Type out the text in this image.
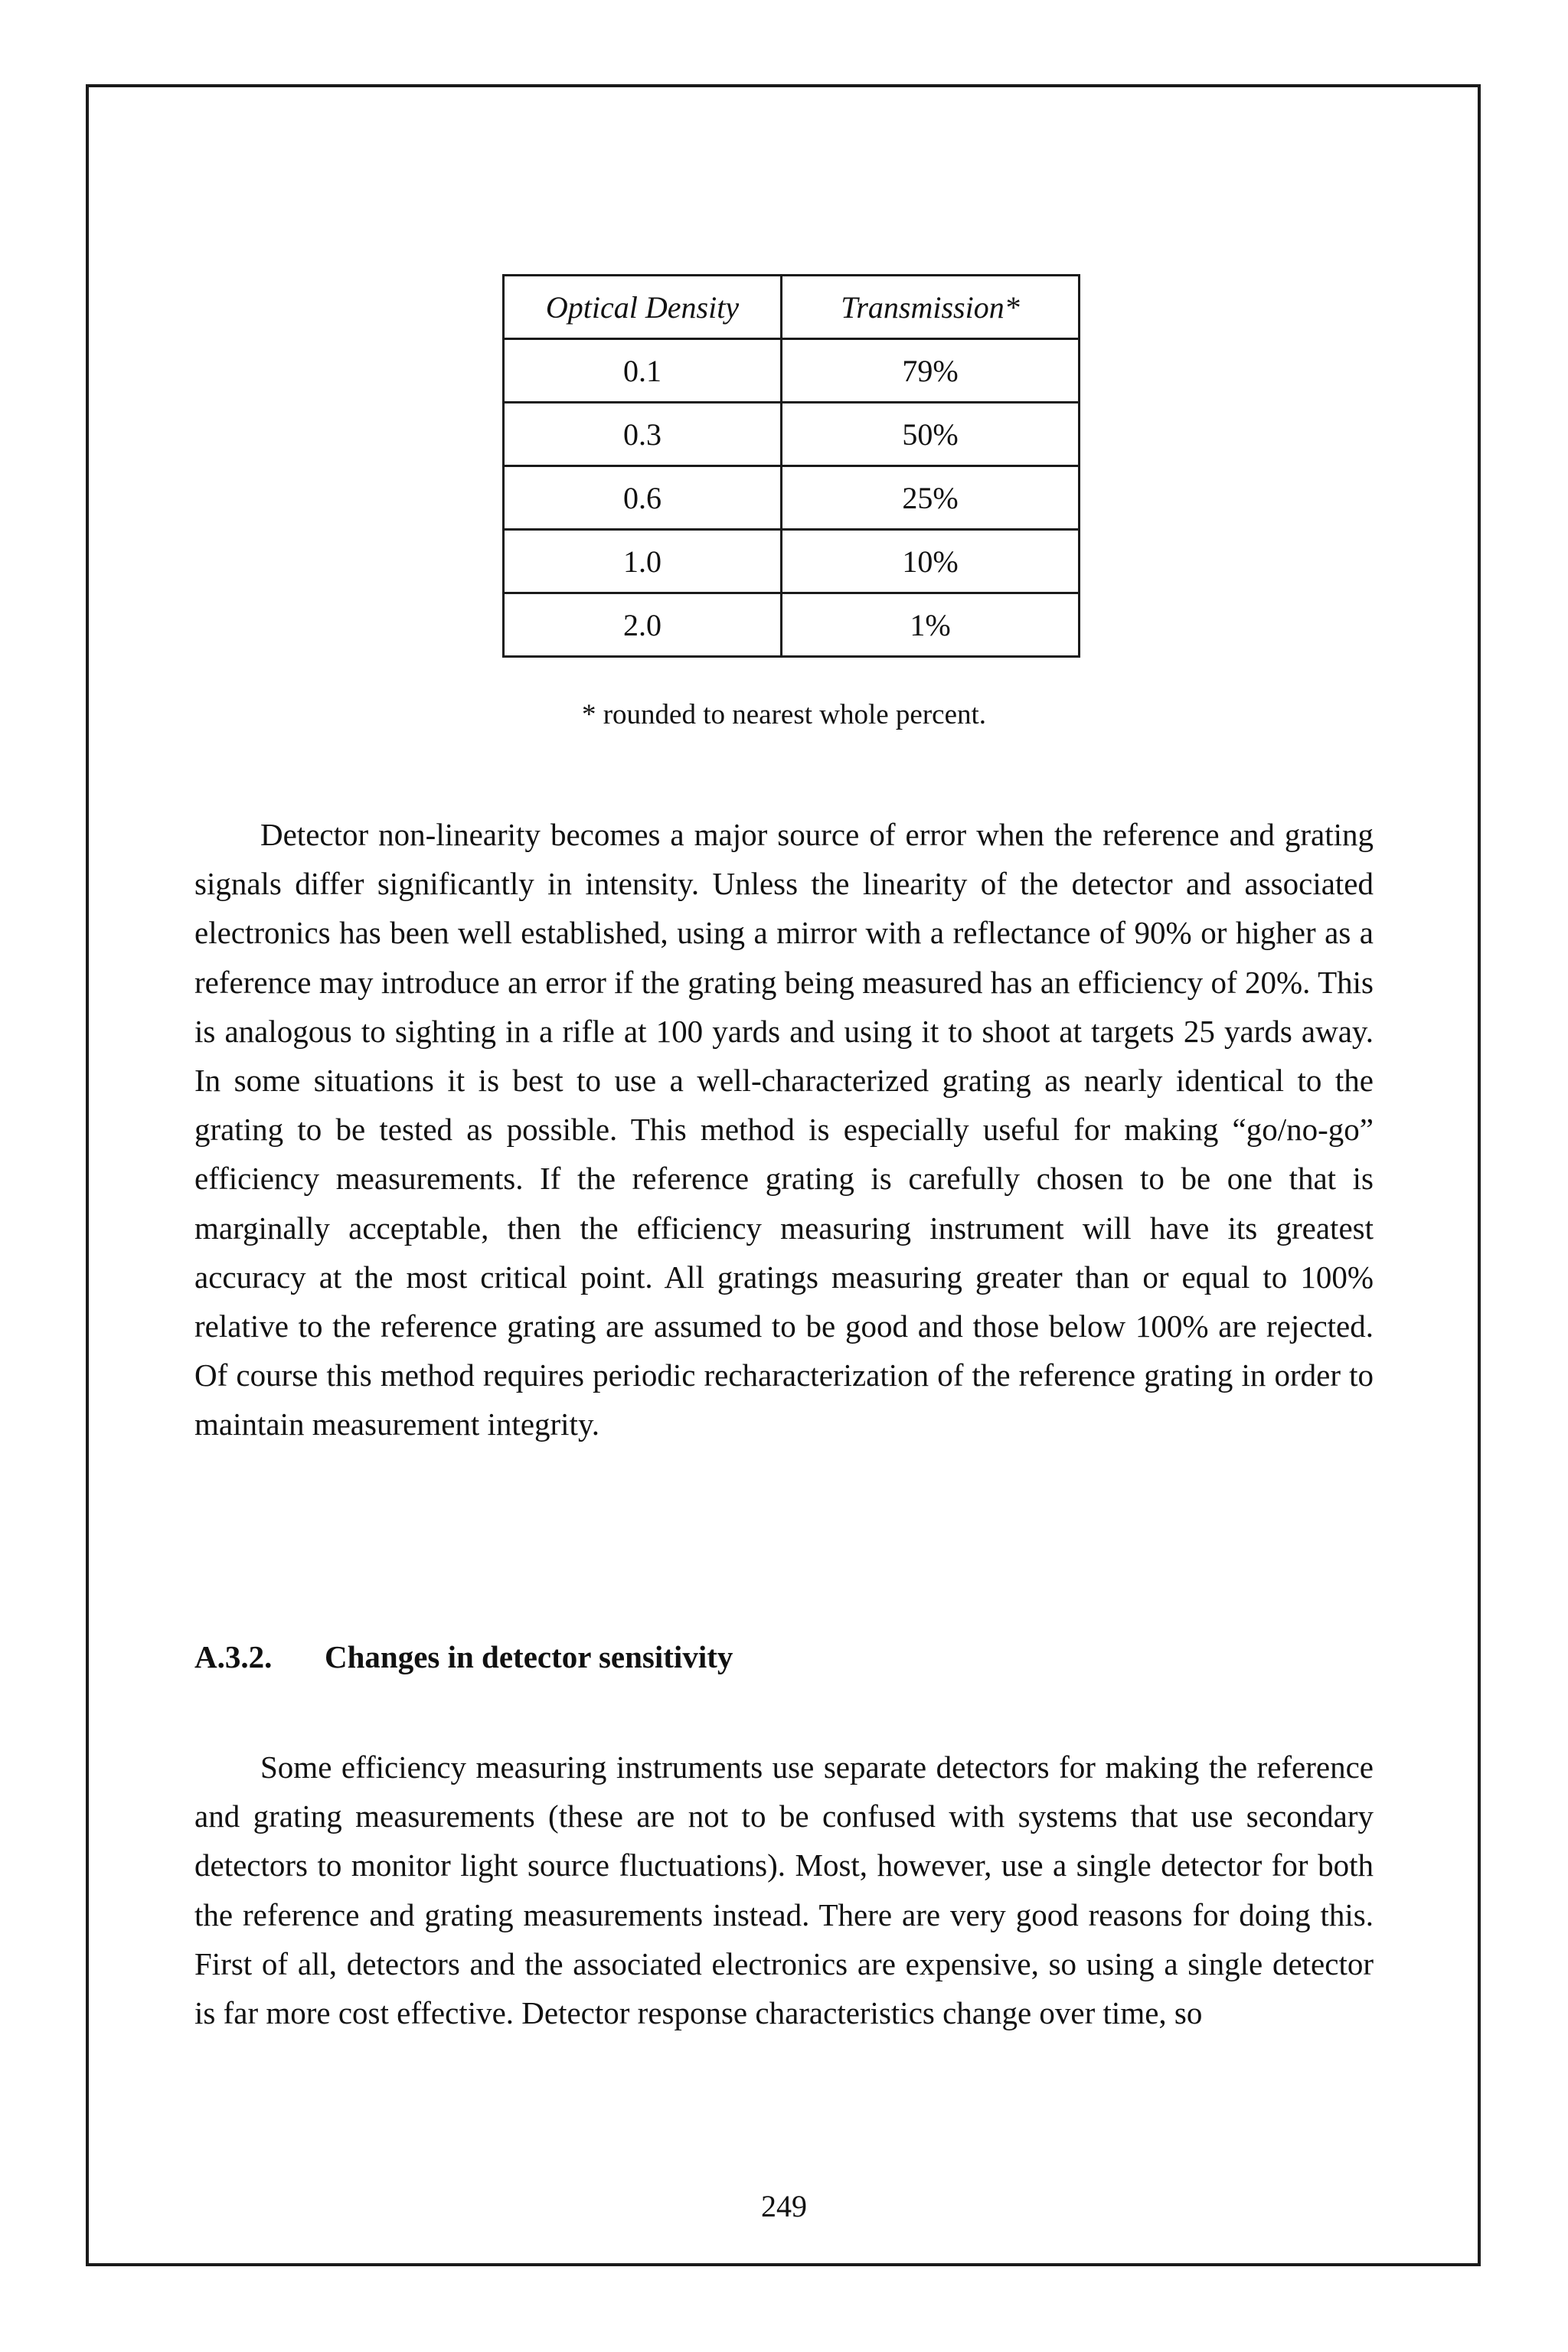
Optical Density	Transmission*
0.1	79%
0.3	50%
0.6	25%
1.0	10%
2.0	1%
* rounded to nearest whole percent.

Detector non-linearity becomes a major source of error when the reference and grating signals differ significantly in intensity. Unless the linearity of the detector and associated electronics has been well established, using a mirror with a reflectance of 90% or higher as a reference may introduce an error if the grating being measured has an efficiency of 20%. This is analogous to sighting in a rifle at 100 yards and using it to shoot at targets 25 yards away. In some situations it is best to use a well-characterized grating as nearly identical to the grating to be tested as possible. This method is especially useful for making “go/no-go” efficiency measurements. If the reference grating is carefully chosen to be one that is marginally acceptable, then the efficiency measuring instrument will have its greatest accuracy at the most critical point. All gratings measuring greater than or equal to 100% relative to the reference grating are assumed to be good and those below 100% are rejected. Of course this method requires periodic recharacterization of the reference grating in order to maintain measurement integrity.

A.3.2. Changes in detector sensitivity

Some efficiency measuring instruments use separate detectors for making the reference and grating measurements (these are not to be confused with systems that use secondary detectors to monitor light source fluctuations). Most, however, use a single detector for both the reference and grating measurements instead. There are very good reasons for doing this. First of all, detectors and the associated electronics are expensive, so using a single detector is far more cost effective. Detector response characteristics change over time, so

249
